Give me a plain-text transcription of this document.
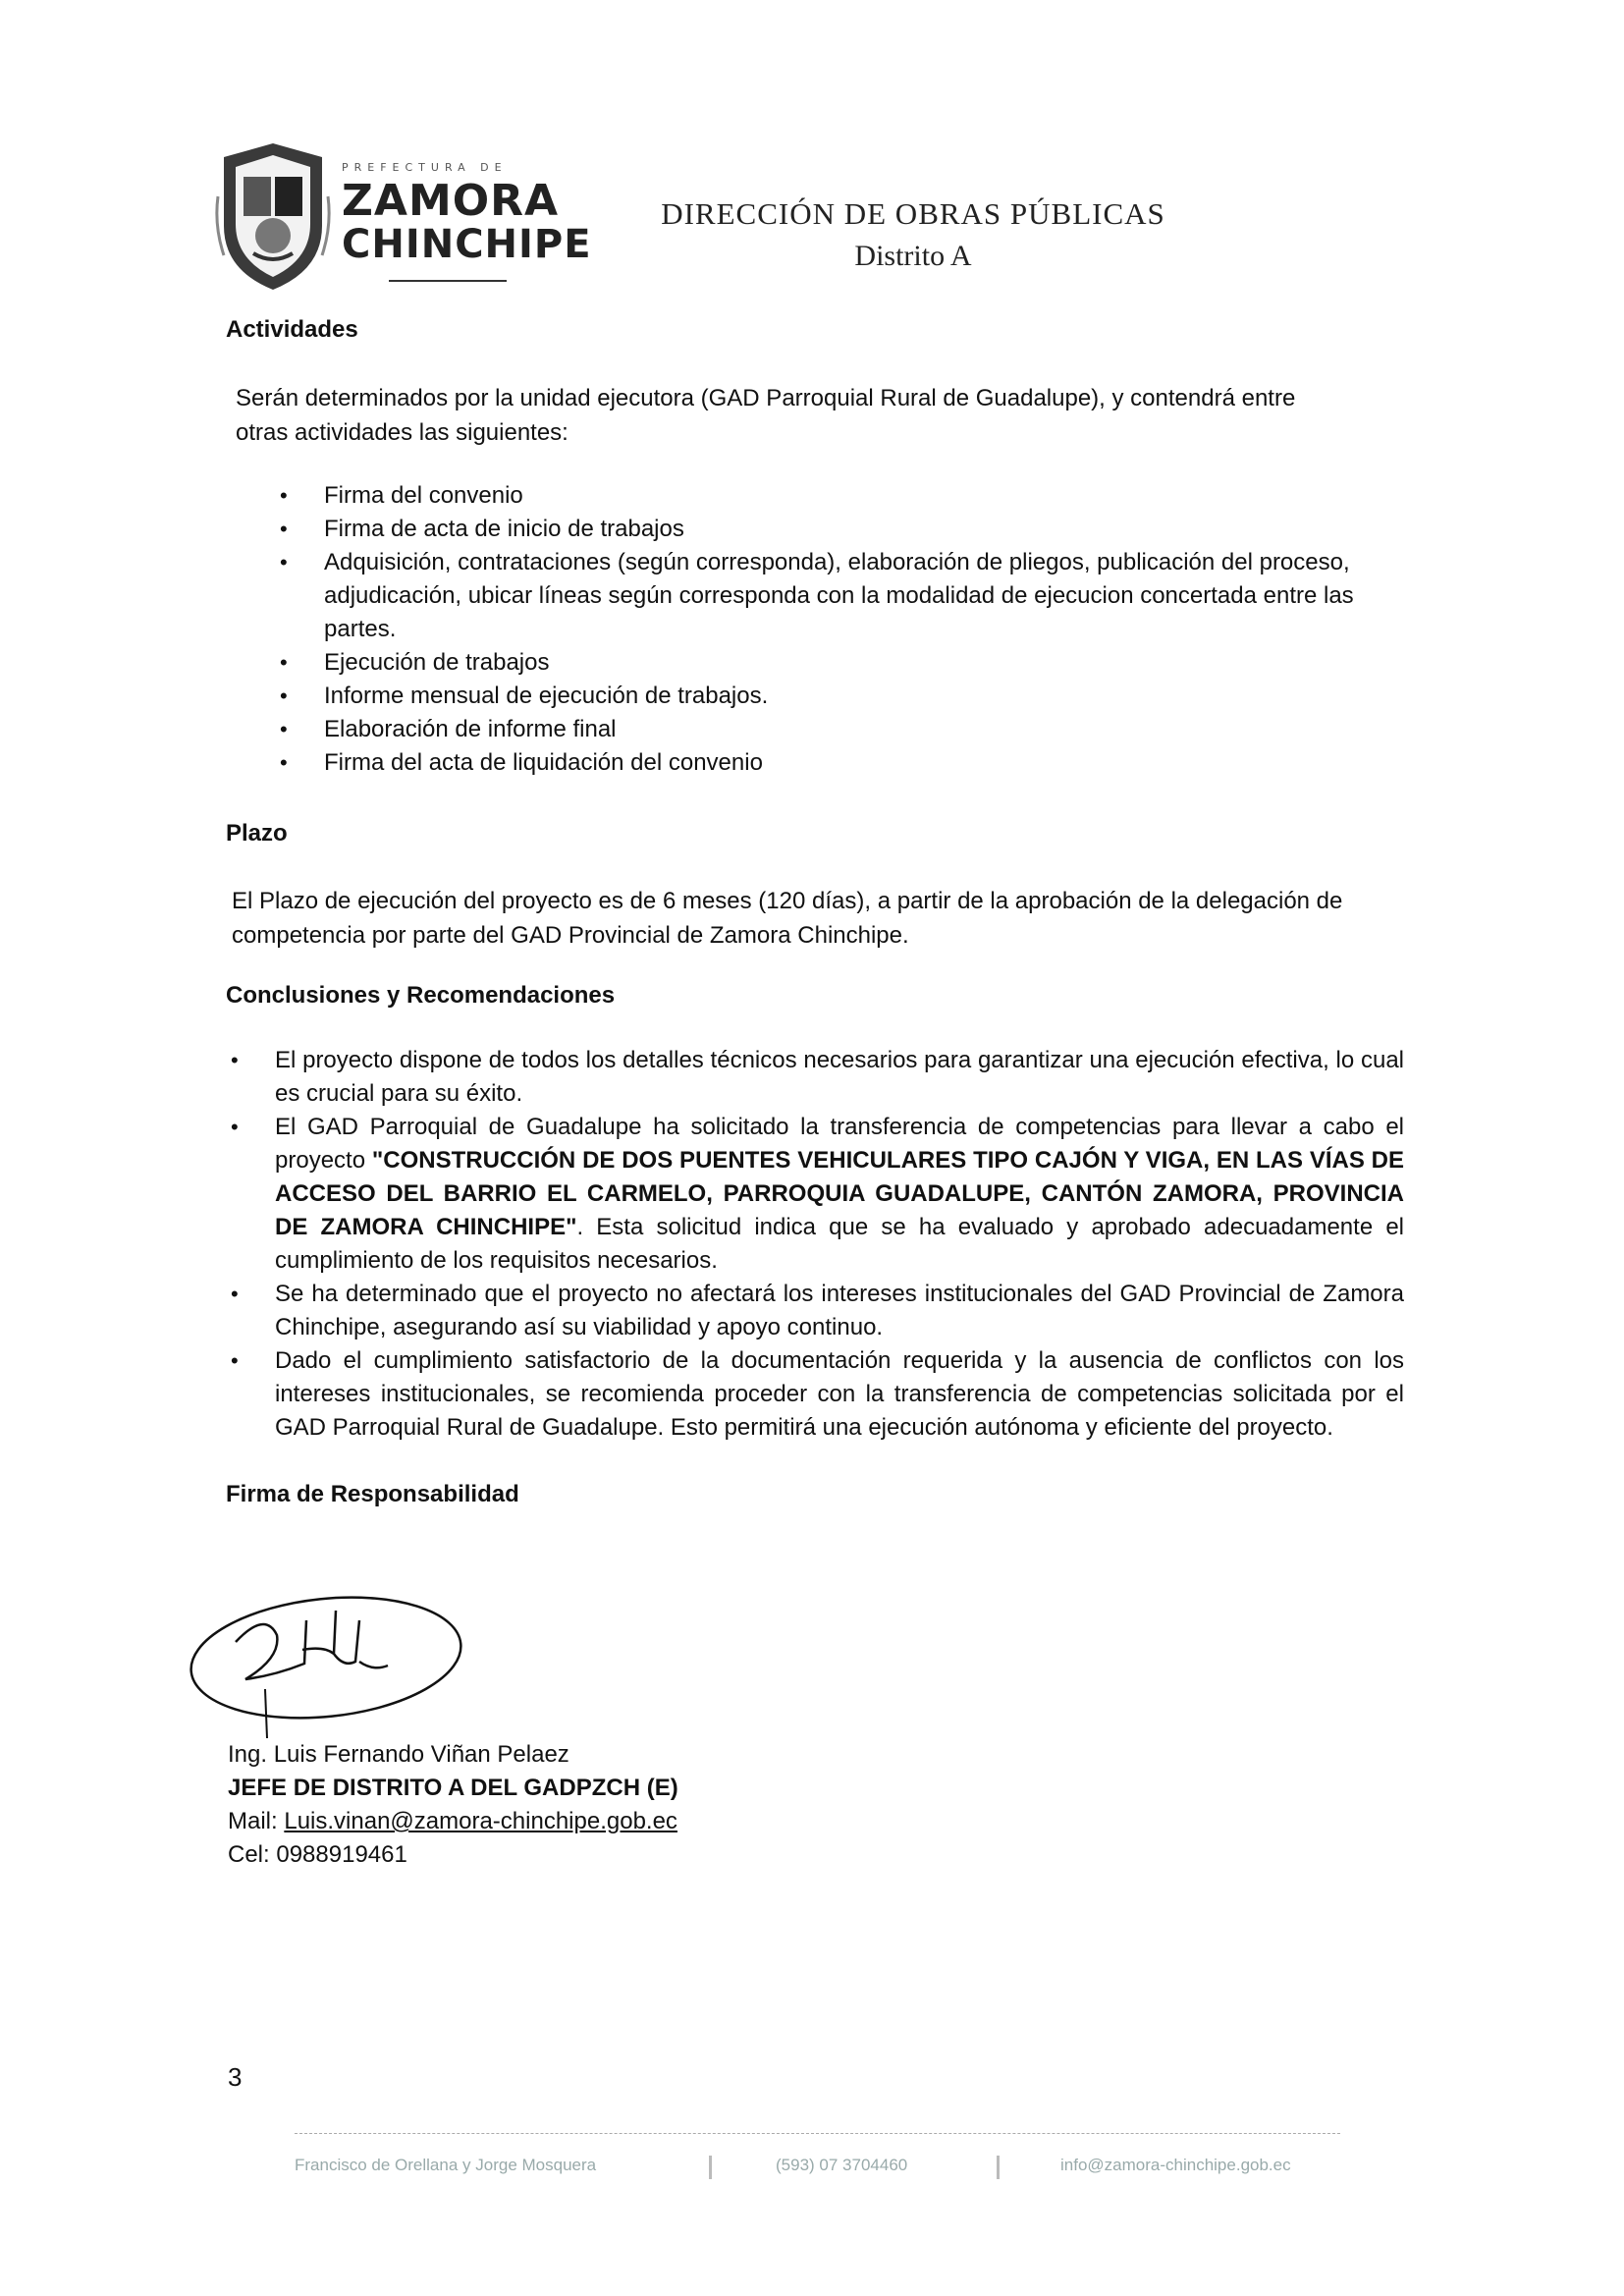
PREFECTURA DE
ZAMORA
CHINCHIPE
DIRECCIÓN DE OBRAS PÚBLICAS
Distrito A
Actividades
Serán determinados por la unidad ejecutora (GAD Parroquial Rural de Guadalupe), y contendrá entre otras actividades las siguientes:
• Firma del convenio
• Firma de acta de inicio de trabajos
• Adquisición, contrataciones (según corresponda), elaboración de pliegos, publicación del proceso, adjudicación, ubicar líneas según corresponda con la modalidad de ejecucion concertada entre las partes.
• Ejecución de trabajos
• Informe mensual de ejecución de trabajos.
• Elaboración de informe final
• Firma del acta de liquidación del convenio
Plazo
El Plazo de ejecución del proyecto es de 6 meses (120 días), a partir de la aprobación de la delegación de competencia por parte del GAD Provincial de Zamora Chinchipe.
Conclusiones y Recomendaciones
• El proyecto dispone de todos los detalles técnicos necesarios para garantizar una ejecución efectiva, lo cual es crucial para su éxito.
• El GAD Parroquial de Guadalupe ha solicitado la transferencia de competencias para llevar a cabo el proyecto "CONSTRUCCIÓN DE DOS PUENTES VEHICULARES TIPO CAJÓN Y VIGA, EN LAS VÍAS DE ACCESO DEL BARRIO EL CARMELO, PARROQUIA GUADALUPE, CANTÓN ZAMORA, PROVINCIA DE ZAMORA CHINCHIPE". Esta solicitud indica que se ha evaluado y aprobado adecuadamente el cumplimiento de los requisitos necesarios.
• Se ha determinado que el proyecto no afectará los intereses institucionales del GAD Provincial de Zamora Chinchipe, asegurando así su viabilidad y apoyo continuo.
• Dado el cumplimiento satisfactorio de la documentación requerida y la ausencia de conflictos con los intereses institucionales, se recomienda proceder con la transferencia de competencias solicitada por el GAD Parroquial Rural de Guadalupe. Esto permitirá una ejecución autónoma y eficiente del proyecto.
Firma de Responsabilidad
Ing. Luis Fernando Viñan Pelaez
JEFE DE DISTRITO A DEL GADPZCH (E)
Mail: Luis.vinan@zamora-chinchipe.gob.ec
Cel: 0988919461
3
Francisco de Orellana y Jorge Mosquera	(593) 07 3704460	info@zamora-chinchipe.gob.ec
